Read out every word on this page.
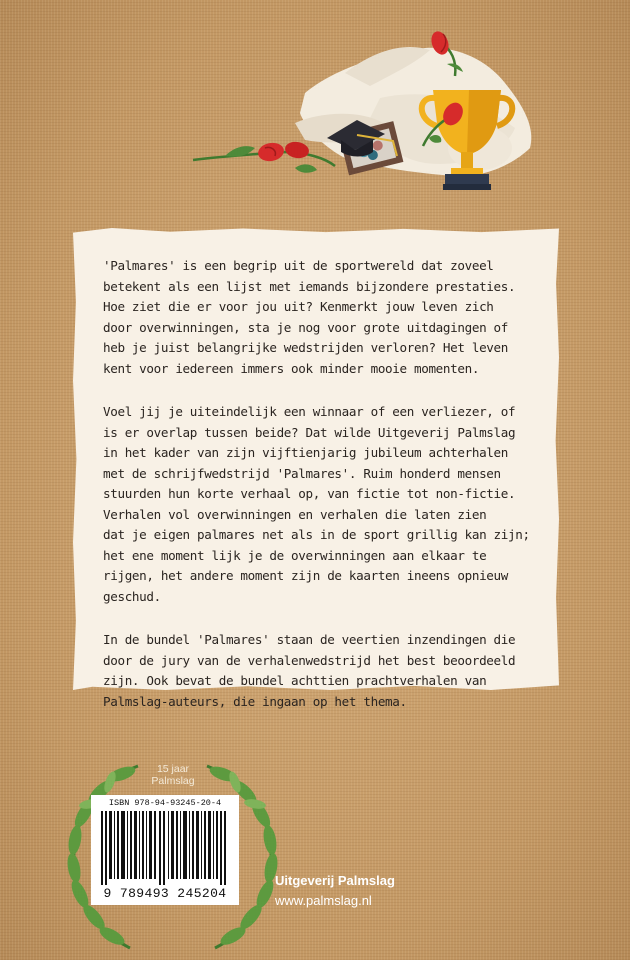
'Palmares' is een begrip uit de sportwereld dat zoveel
betekent als een lijst met iemands bijzondere prestaties.
Hoe ziet die er voor jou uit? Kenmerkt jouw leven zich
door overwinningen, sta je nog voor grote uitdagingen of
heb je juist belangrijke wedstrijden verloren? Het leven
kent voor iedereen immers ook minder mooie momenten.

Voel jij je uiteindelijk een winnaar of een verliezer, of
is er overlap tussen beide? Dat wilde Uitgeverij Palmslag
in het kader van zijn vijftienjarig jubileum achterhalen
met de schrijfwedstrijd 'Palmares'. Ruim honderd mensen
stuurden hun korte verhaal op, van fictie tot non-fictie.
Verhalen vol overwinningen en verhalen die laten zien
dat je eigen palmares net als in de sport grillig kan zijn;
het ene moment lijk je de overwinningen aan elkaar te
rijgen, het andere moment zijn de kaarten ineens opnieuw
geschud.

In de bundel 'Palmares' staan de veertien inzendingen die
door de jury van de verhalenwedstrijd het best beoordeeld
zijn. Ook bevat de bundel achttien prachtverhalen van
Palmslag-auteurs, die ingaan op het thema.

15 jaar
Palmslag
ISBN 978-94-93245-20-4
9 789493 245204
Uitgeverij Palmslag
www.palmslag.nl
